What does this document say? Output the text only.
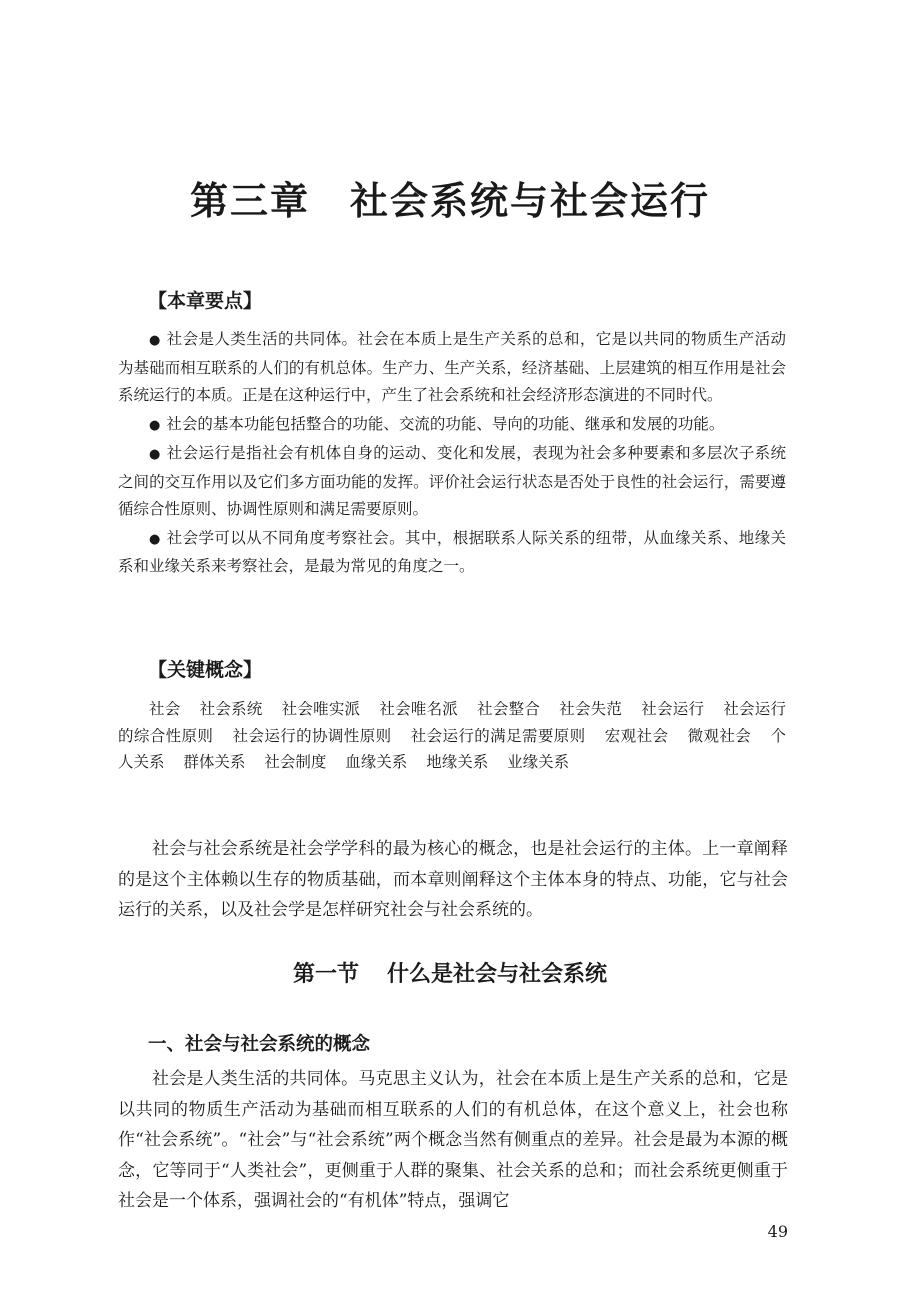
第三章 社会系统与社会运行
【本章要点】

● 社会是人类生活的共同体。社会在本质上是生产关系的总和，它是以共同的物质生产活动为基础而相互联系的人们的有机总体。生产力、生产关系，经济基础、上层建筑的相互作用是社会系统运行的本质。正是在这种运行中，产生了社会系统和社会经济形态演进的不同时代。

● 社会的基本功能包括整合的功能、交流的功能、导向的功能、继承和发展的功能。

● 社会运行是指社会有机体自身的运动、变化和发展，表现为社会多种要素和多层次子系统之间的交互作用以及它们多方面功能的发挥。评价社会运行状态是否处于良性的社会运行，需要遵循综合性原则、协调性原则和满足需要原则。

● 社会学可以从不同角度考察社会。其中，根据联系人际关系的纽带，从血缘关系、地缘关系和业缘关系来考察社会，是最为常见的角度之一。

【关键概念】
社会 社会系统 社会唯实派 社会唯名派 社会整合 社会失范 社会运行 社会运行的综合性原则 社会运行的协调性原则 社会运行的满足需要原则 宏观社会 微观社会 个人关系 群体关系 社会制度 血缘关系 地缘关系 业缘关系
社会与社会系统是社会学学科的最为核心的概念，也是社会运行的主体。上一章阐释的是这个主体赖以生存的物质基础，而本章则阐释这个主体本身的特点、功能，它与社会运行的关系，以及社会学是怎样研究社会与社会系统的。
第一节 什么是社会与社会系统
一、社会与社会系统的概念
社会是人类生活的共同体。马克思主义认为，社会在本质上是生产关系的总和，它是以共同的物质生产活动为基础而相互联系的人们的有机总体，在这个意义上，社会也称作“社会系统”。“社会”与“社会系统”两个概念当然有侧重点的差异。社会是最为本源的概念，它等同于“人类社会”，更侧重于人群的聚集、社会关系的总和；而社会系统更侧重于社会是一个体系，强调社会的“有机体”特点，强调它
49
